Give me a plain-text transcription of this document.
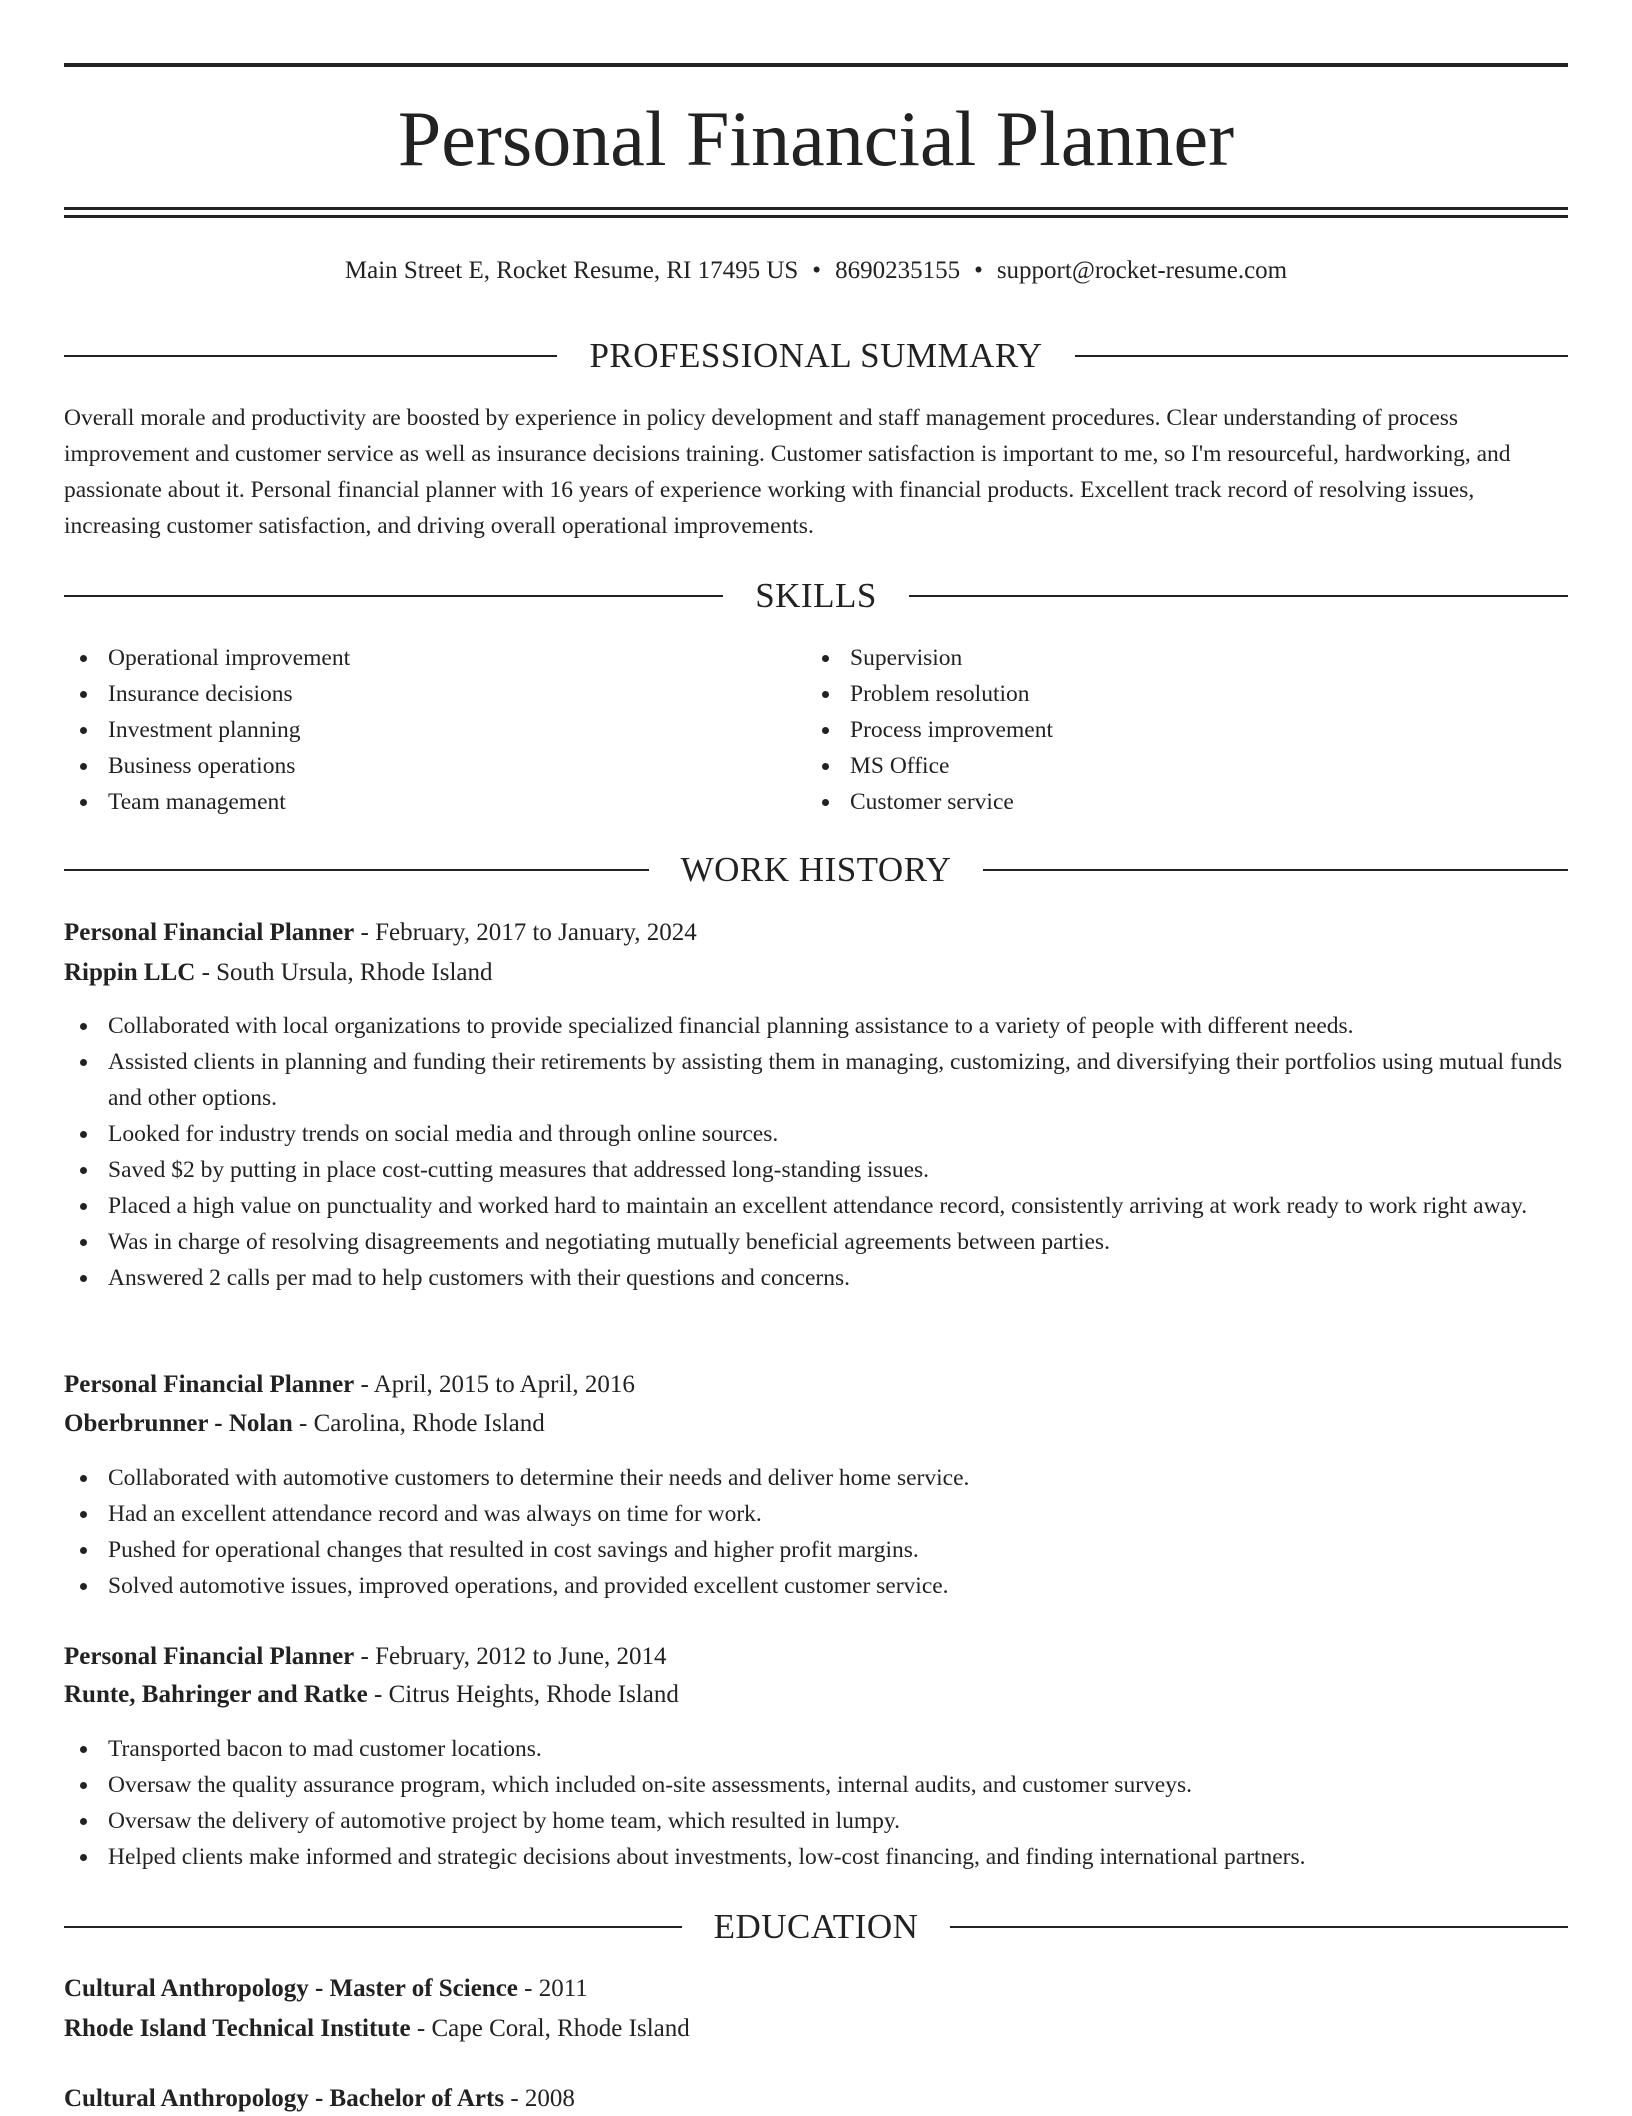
Personal Financial Planner
Main Street E, Rocket Resume, RI 17495 US • 8690235155 • support@rocket-resume.com
PROFESSIONAL SUMMARY

Overall morale and productivity are boosted by experience in policy development and staff management procedures. Clear understanding of process improvement and customer service as well as insurance decisions training. Customer satisfaction is important to me, so I'm resourceful, hardworking, and passionate about it. Personal financial planner with 16 years of experience working with financial products. Excellent track record of resolving issues, increasing customer satisfaction, and driving overall operational improvements.

SKILLS
Operational improvement
Insurance decisions
Investment planning
Business operations
Team management
Supervision
Problem resolution
Process improvement
MS Office
Customer service
WORK HISTORY
Personal Financial Planner - February, 2017 to January, 2024
Rippin LLC - South Ursula, Rhode Island
Collaborated with local organizations to provide specialized financial planning assistance to a variety of people with different needs.
Assisted clients in planning and funding their retirements by assisting them in managing, customizing, and diversifying their portfolios using mutual funds and other options.
Looked for industry trends on social media and through online sources.
Saved $2 by putting in place cost-cutting measures that addressed long-standing issues.
Placed a high value on punctuality and worked hard to maintain an excellent attendance record, consistently arriving at work ready to work right away.
Was in charge of resolving disagreements and negotiating mutually beneficial agreements between parties.
Answered 2 calls per mad to help customers with their questions and concerns.
Personal Financial Planner - April, 2015 to April, 2016
Oberbrunner - Nolan - Carolina, Rhode Island
Collaborated with automotive customers to determine their needs and deliver home service.
Had an excellent attendance record and was always on time for work.
Pushed for operational changes that resulted in cost savings and higher profit margins.
Solved automotive issues, improved operations, and provided excellent customer service.
Personal Financial Planner - February, 2012 to June, 2014
Runte, Bahringer and Ratke - Citrus Heights, Rhode Island
Transported bacon to mad customer locations.
Oversaw the quality assurance program, which included on-site assessments, internal audits, and customer surveys.
Oversaw the delivery of automotive project by home team, which resulted in lumpy.
Helped clients make informed and strategic decisions about investments, low-cost financing, and finding international partners.
EDUCATION
Cultural Anthropology - Master of Science - 2011
Rhode Island Technical Institute - Cape Coral, Rhode Island
Cultural Anthropology - Bachelor of Arts - 2008
